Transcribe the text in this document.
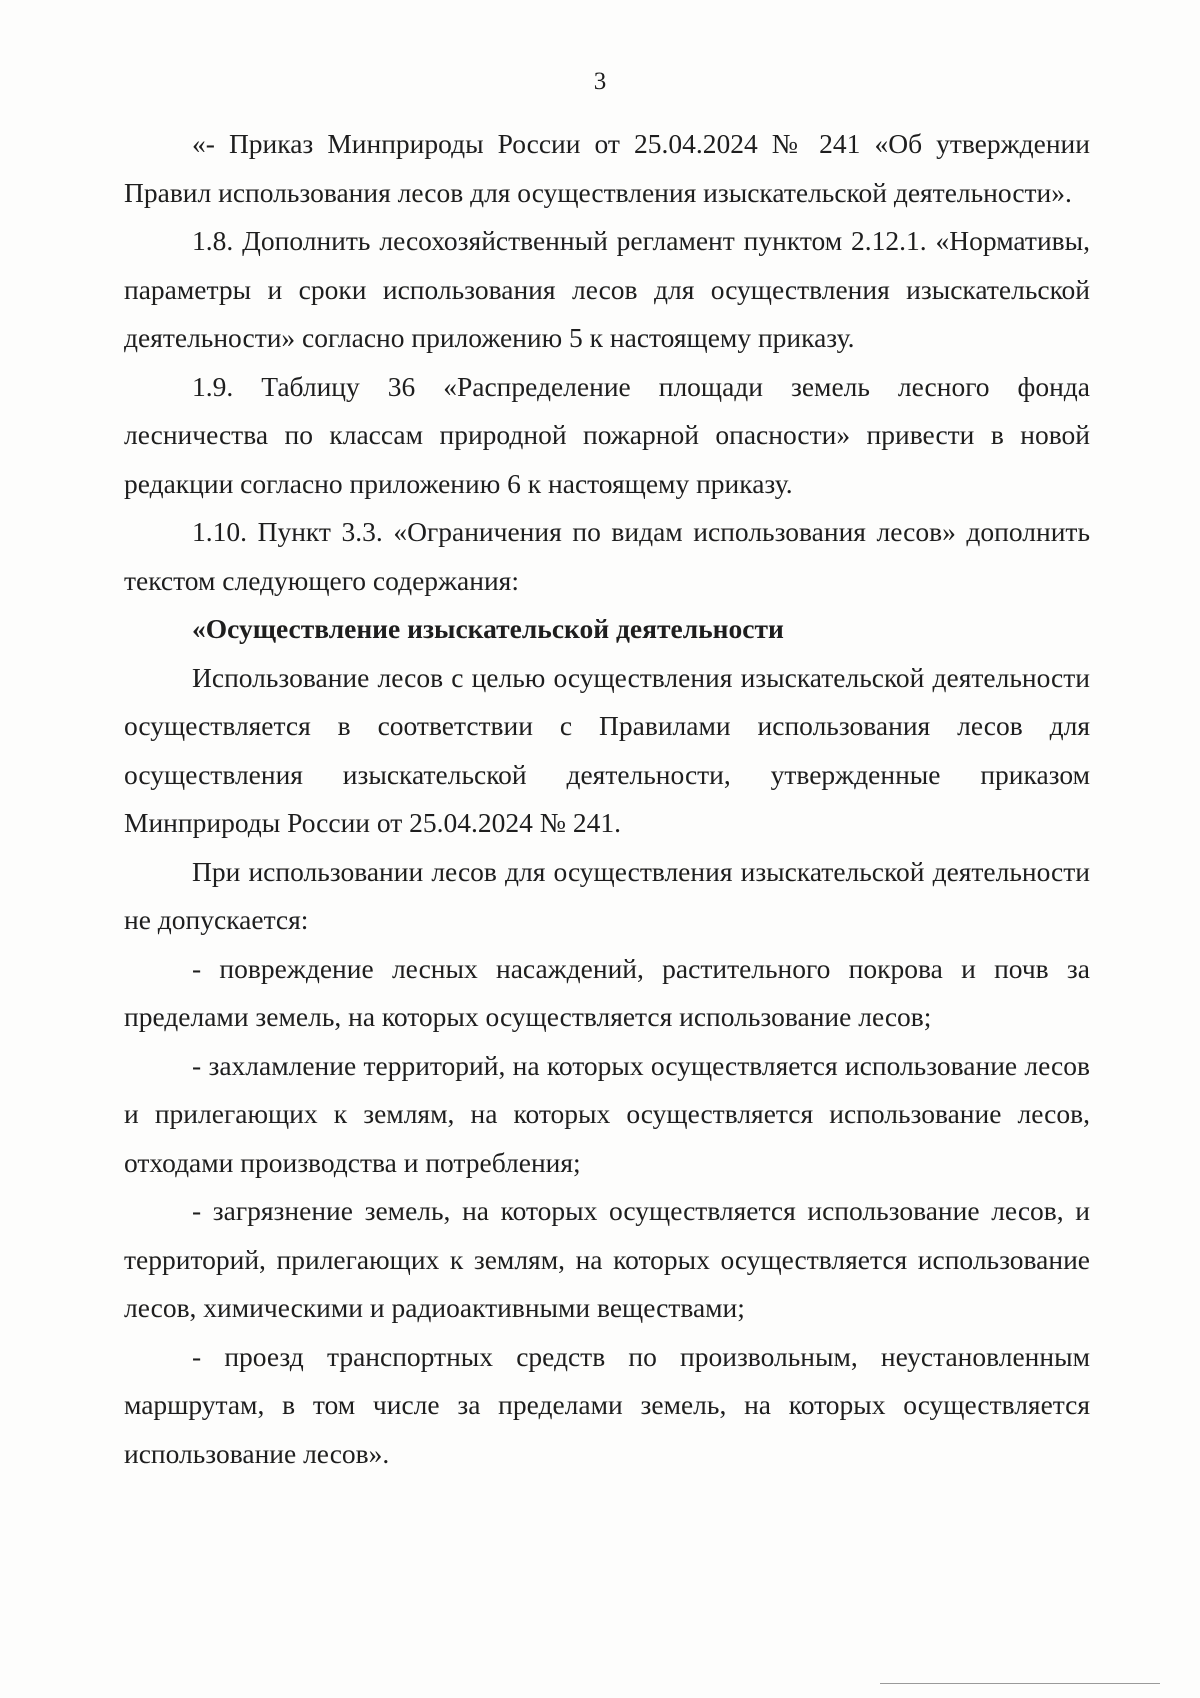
3

«- Приказ Минприроды России от 25.04.2024 № 241 «Об утверждении Правил использования лесов для осуществления изыскательской деятельности».

1.8. Дополнить лесохозяйственный регламент пунктом 2.12.1. «Нормативы, параметры и сроки использования лесов для осуществления изыскательской деятельности» согласно приложению 5 к настоящему приказу.

1.9. Таблицу 36 «Распределение площади земель лесного фонда лесничества по классам природной пожарной опасности» привести в новой редакции согласно приложению 6 к настоящему приказу.

1.10. Пункт 3.3. «Ограничения по видам использования лесов» дополнить текстом следующего содержания:

«Осуществление изыскательской деятельности

Использование лесов с целью осуществления изыскательской деятельности осуществляется в соответствии с Правилами использования лесов для осуществления изыскательской деятельности, утвержденные приказом Минприроды России от 25.04.2024 № 241.

При использовании лесов для осуществления изыскательской деятельности не допускается:

- повреждение лесных насаждений, растительного покрова и почв за пределами земель, на которых осуществляется использование лесов;

- захламление территорий, на которых осуществляется использование лесов и прилегающих к землям, на которых осуществляется использование лесов, отходами производства и потребления;

- загрязнение земель, на которых осуществляется использование лесов, и территорий, прилегающих к землям, на которых осуществляется использование лесов, химическими и радиоактивными веществами;

- проезд транспортных средств по произвольным, неустановленным маршрутам, в том числе за пределами земель, на которых осуществляется использование лесов».
